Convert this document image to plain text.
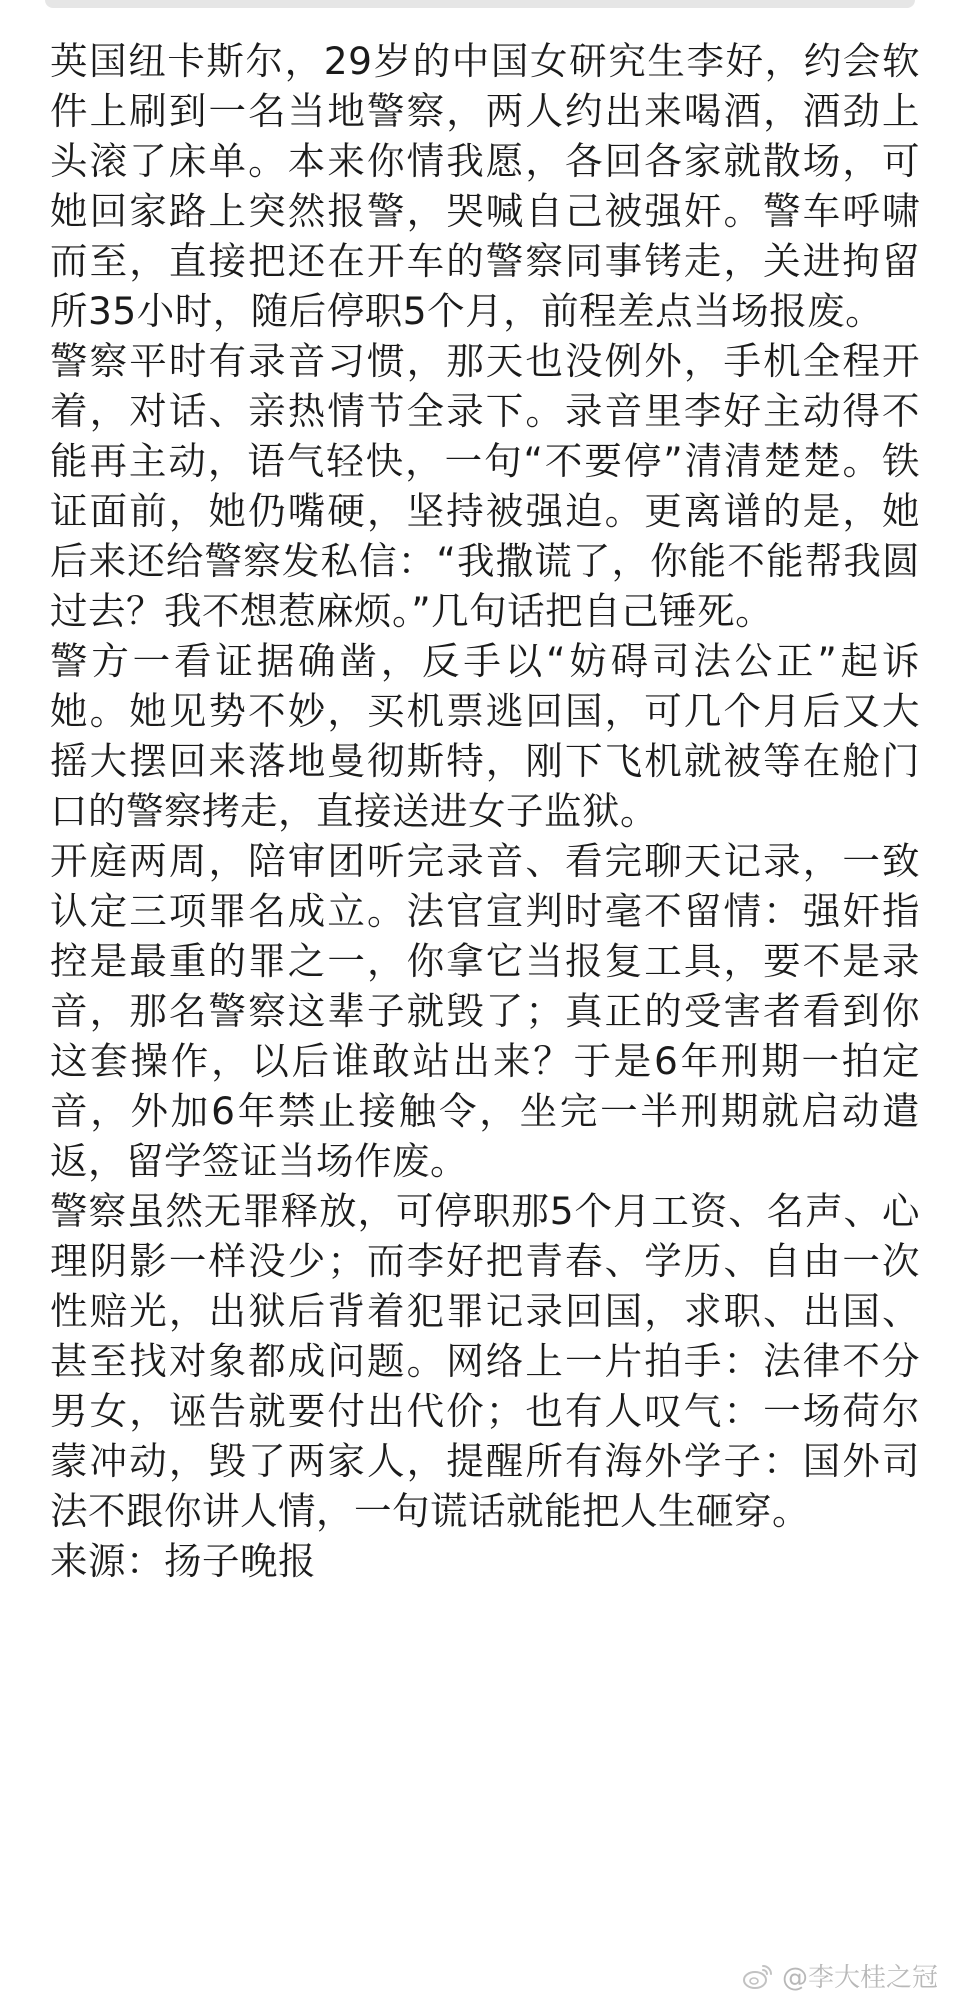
英国纽卡斯尔，29岁的中国女研究生李好，约会软件上刷到一名当地警察，两人约出来喝酒，酒劲上头滚了床单。本来你情我愿，各回各家就散场，可她回家路上突然报警，哭喊自己被强奸。警车呼啸而至，直接把还在开车的警察同事铐走，关进拘留所35小时，随后停职5个月，前程差点当场报废。

警察平时有录音习惯，那天也没例外，手机全程开着，对话、亲热情节全录下。录音里李好主动得不能再主动，语气轻快，一句“不要停”清清楚楚。铁证面前，她仍嘴硬，坚持被强迫。更离谱的是，她后来还给警察发私信：“我撒谎了，你能不能帮我圆过去？我不想惹麻烦。”几句话把自己锤死。

警方一看证据确凿，反手以“妨碍司法公正”起诉她。她见势不妙，买机票逃回国，可几个月后又大摇大摆回来落地曼彻斯特，刚下飞机就被等在舱门口的警察拷走，直接送进女子监狱。

开庭两周，陪审团听完录音、看完聊天记录，一致认定三项罪名成立。法官宣判时毫不留情：强奸指控是最重的罪之一，你拿它当报复工具，要不是录音，那名警察这辈子就毁了；真正的受害者看到你这套操作，以后谁敢站出来？于是6年刑期一拍定音，外加6年禁止接触令，坐完一半刑期就启动遣返，留学签证当场作废。

警察虽然无罪释放，可停职那5个月工资、名声、心理阴影一样没少；而李好把青春、学历、自由一次性赔光，出狱后背着犯罪记录回国，求职、出国、甚至找对象都成问题。网络上一片拍手：法律不分男女，诬告就要付出代价；也有人叹气：一场荷尔蒙冲动，毁了两家人，提醒所有海外学子：国外司法不跟你讲人情，一句谎话就能把人生砸穿。

来源：扬子晚报

@李大桂之冠
